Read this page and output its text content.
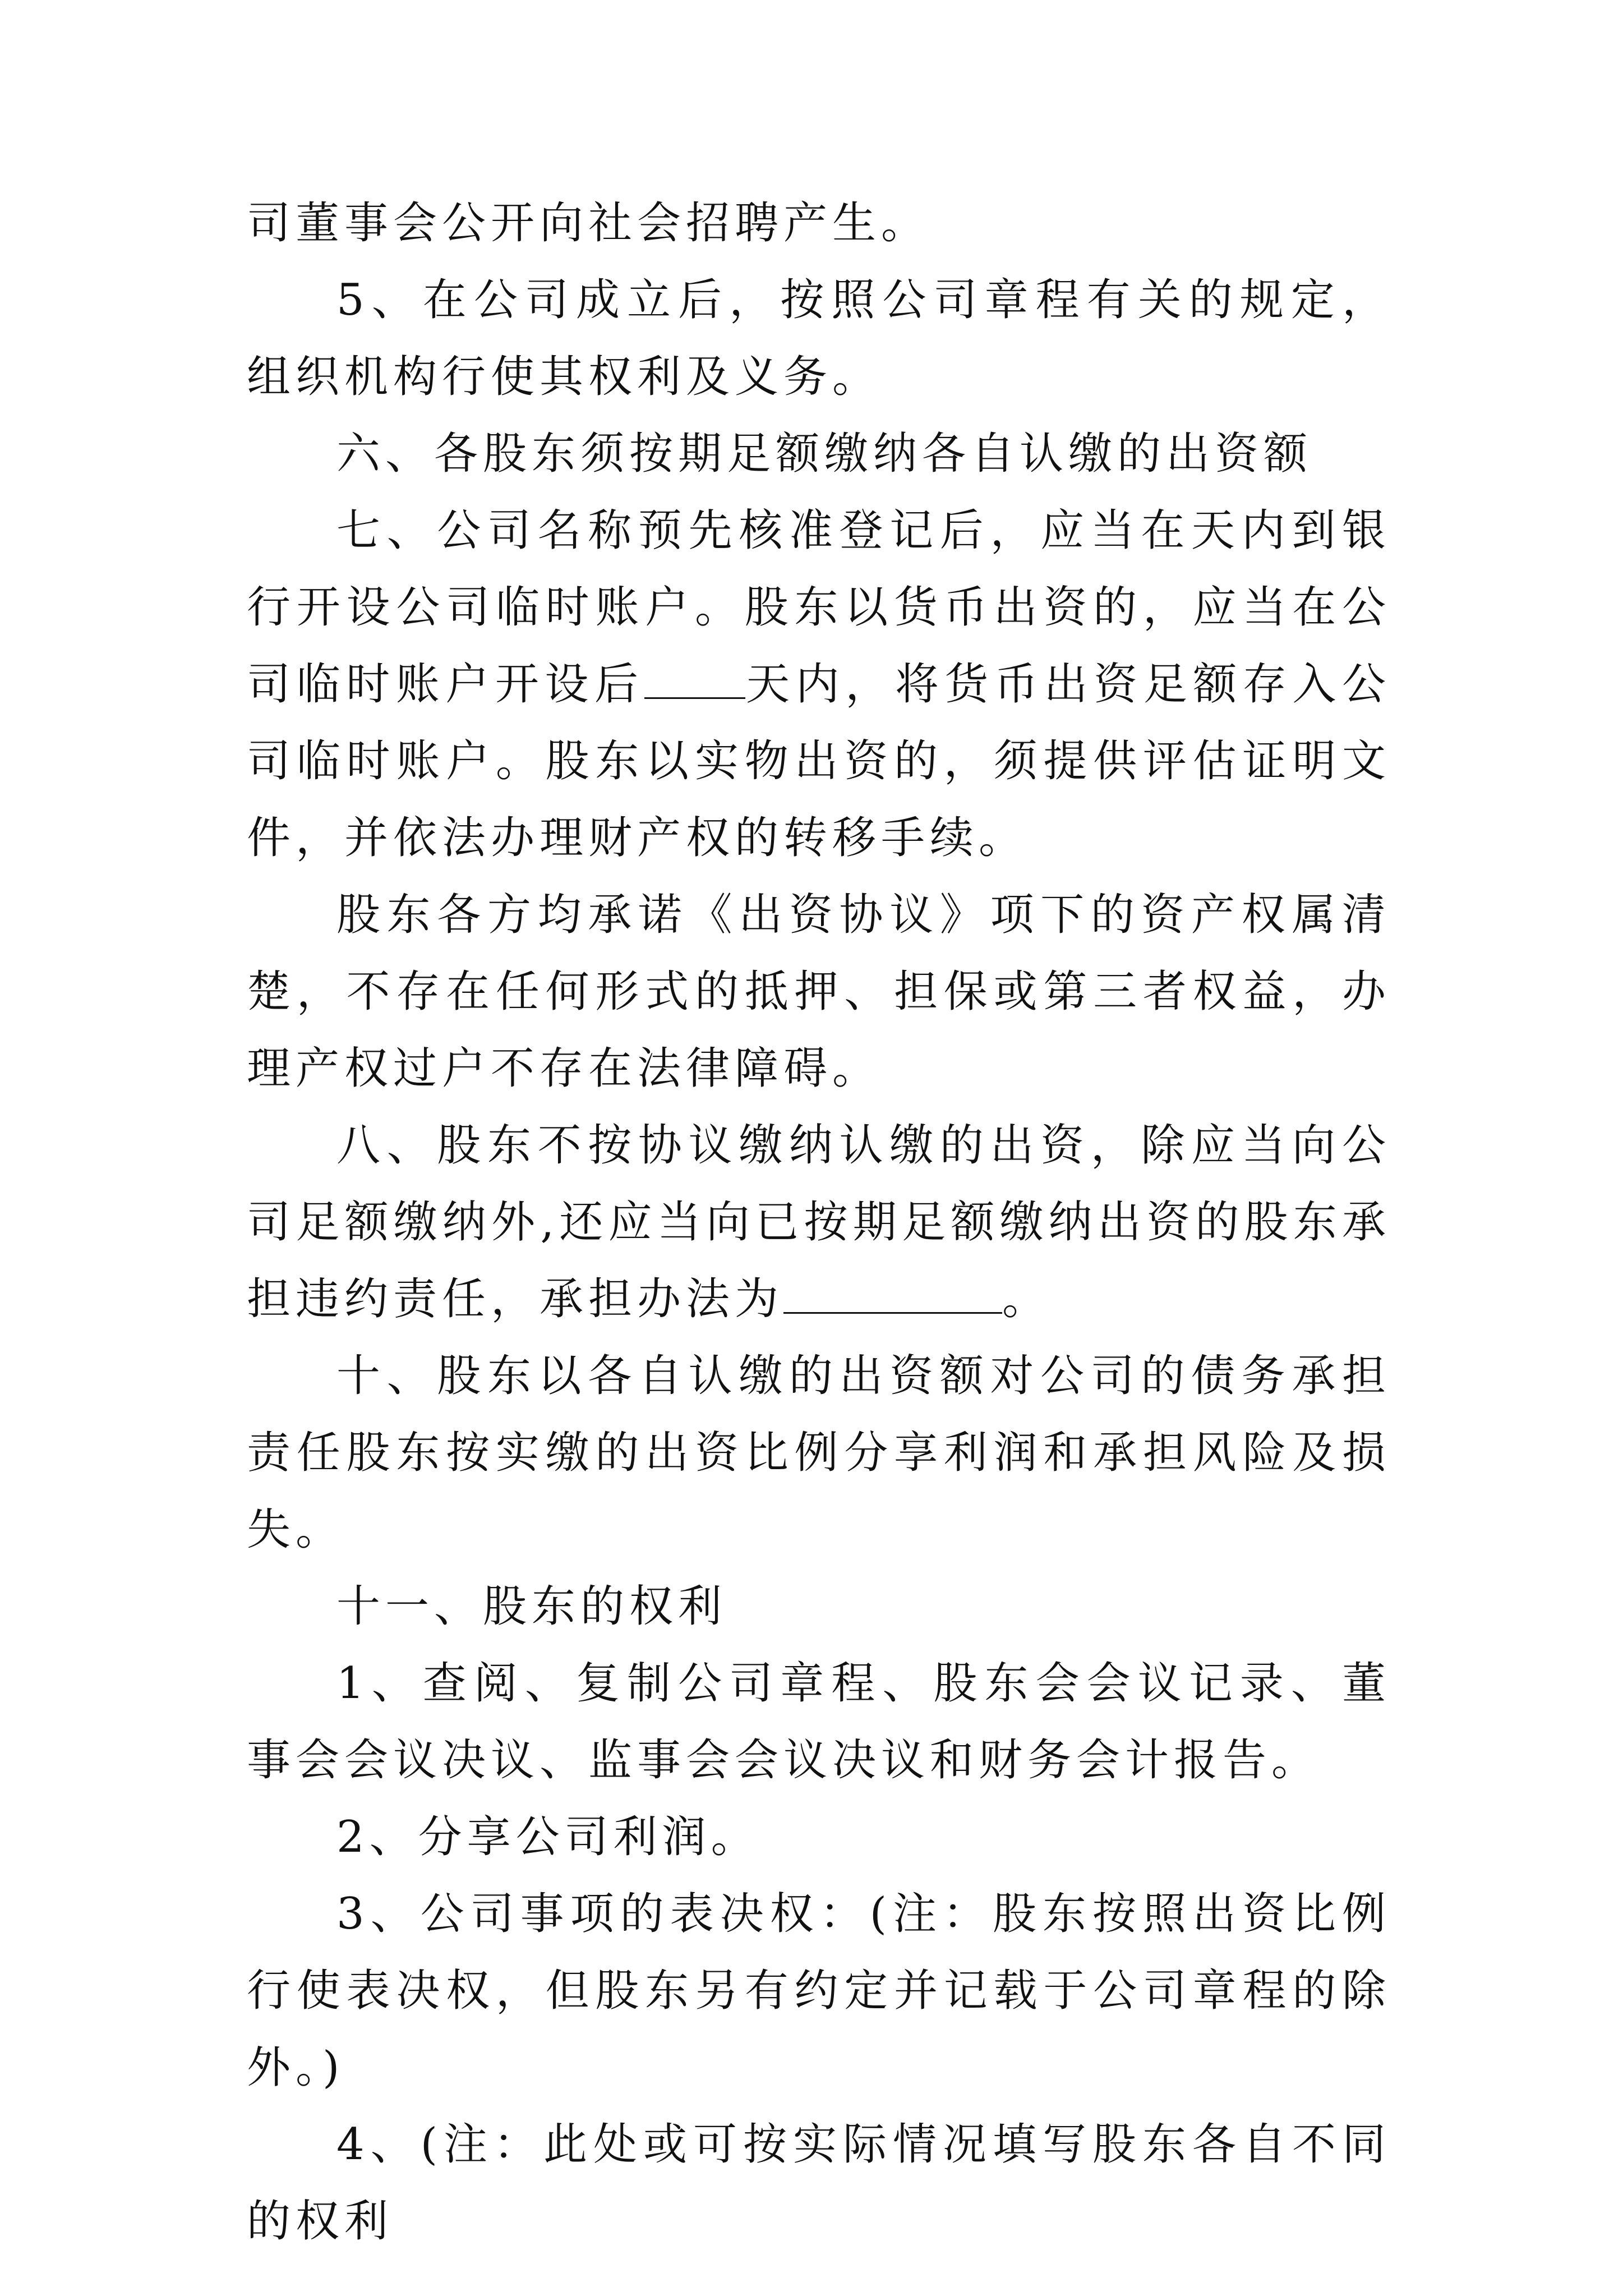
司董事会公开向社会招聘产生。

5、在公司成立后，按照公司章程有关的规定，组织机构行使其权利及义务。

六、各股东须按期足额缴纳各自认缴的出资额

七、公司名称预先核准登记后，应当在天内到银行开设公司临时账户。股东以货币出资的，应当在公司临时账户开设后 天内，将货币出资足额存入公司临时账户。股东以实物出资的，须提供评估证明文件，并依法办理财产权的转移手续。

股东各方均承诺《出资协议》项下的资产权属清楚，不存在任何形式的抵押、担保或第三者权益，办理产权过户不存在法律障碍。

八、股东不按协议缴纳认缴的出资，除应当向公司足额缴纳外,还应当向已按期足额缴纳出资的股东承担违约责任，承担办法为	。

十、股东以各自认缴的出资额对公司的债务承担责任股东按实缴的出资比例分享利润和承担风险及损失。

十一、股东的权利

1、查阅、复制公司章程、股东会会议记录、董事会会议决议、监事会会议决议和财务会计报告。

2、分享公司利润。

3、公司事项的表决权：(注：股东按照出资比例行使表决权，但股东另有约定并记载于公司章程的除外。)

4、(注：此处或可按实际情况填写股东各自不同的权利
